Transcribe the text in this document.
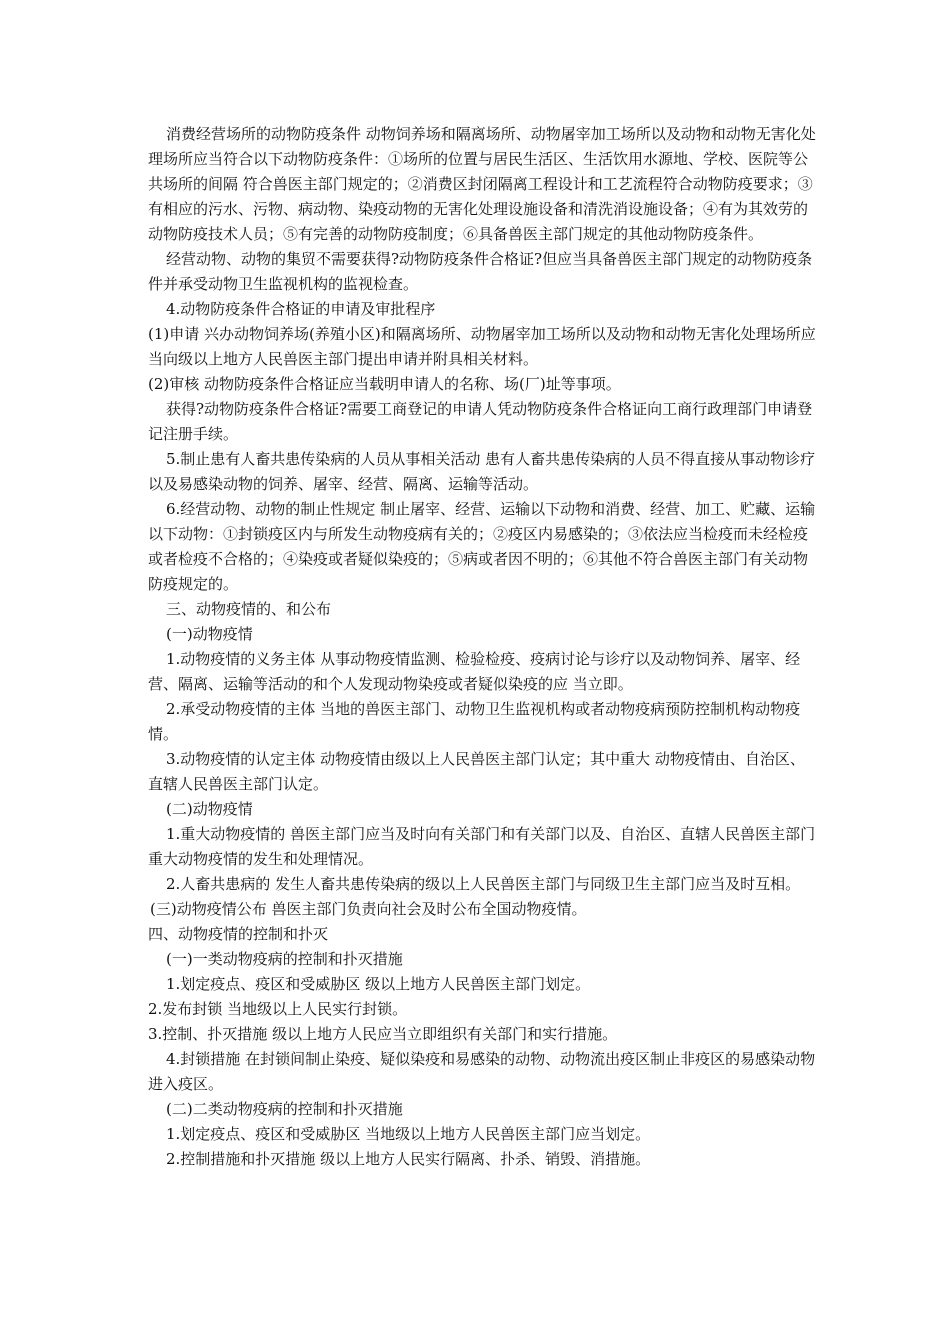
消费经营场所的动物防疫条件 动物饲养场和隔离场所、动物屠宰加工场所以及动物和动物无害化处理场所应当符合以下动物防疫条件：①场所的位置与居民生活区、生活饮用水源地、学校、医院等公共场所的间隔 符合兽医主部门规定的；②消费区封闭隔离工程设计和工艺流程符合动物防疫要求；③有相应的污水、污物、病动物、染疫动物的无害化处理设施设备和清洗消设施设备；④有为其效劳的动物防疫技术人员；⑤有完善的动物防疫制度；⑥具备兽医主部门规定的其他动物防疫条件。

经营动物、动物的集贸不需要获得?动物防疫条件合格证?但应当具备兽医主部门规定的动物防疫条件并承受动物卫生监视机构的监视检查。

4.动物防疫条件合格证的申请及审批程序

(1)申请 兴办动物饲养场(养殖小区)和隔离场所、动物屠宰加工场所以及动物和动物无害化处理场所应当向级以上地方人民兽医主部门提出申请并附具相关材料。

(2)审核 动物防疫条件合格证应当载明申请人的名称、场(厂)址等事项。

获得?动物防疫条件合格证?需要工商登记的申请人凭动物防疫条件合格证向工商行政理部门申请登记注册手续。

5.制止患有人畜共患传染病的人员从事相关活动 患有人畜共患传染病的人员不得直接从事动物诊疗以及易感染动物的饲养、屠宰、经营、隔离、运输等活动。

6.经营动物、动物的制止性规定 制止屠宰、经营、运输以下动物和消费、经营、加工、贮藏、运输以下动物：①封锁疫区内与所发生动物疫病有关的；②疫区内易感染的；③依法应当检疫而未经检疫或者检疫不合格的；④染疫或者疑似染疫的；⑤病或者因不明的；⑥其他不符合兽医主部门有关动物防疫规定的。

三、动物疫情的、和公布

(一)动物疫情

1.动物疫情的义务主体 从事动物疫情监测、检验检疫、疫病讨论与诊疗以及动物饲养、屠宰、经营、隔离、运输等活动的和个人发现动物染疫或者疑似染疫的应 当立即。

2.承受动物疫情的主体 当地的兽医主部门、动物卫生监视机构或者动物疫病预防控制机构动物疫情。

3.动物疫情的认定主体 动物疫情由级以上人民兽医主部门认定；其中重大 动物疫情由、自治区、直辖人民兽医主部门认定。

(二)动物疫情

1.重大动物疫情的 兽医主部门应当及时向有关部门和有关部门以及、自治区、直辖人民兽医主部门重大动物疫情的发生和处理情况。

2.人畜共患病的 发生人畜共患传染病的级以上人民兽医主部门与同级卫生主部门应当及时互相。

(三)动物疫情公布 兽医主部门负责向社会及时公布全国动物疫情。

四、动物疫情的控制和扑灭

(一)一类动物疫病的控制和扑灭措施

1.划定疫点、疫区和受威胁区 级以上地方人民兽医主部门划定。

2.发布封锁 当地级以上人民实行封锁。

3.控制、扑灭措施 级以上地方人民应当立即组织有关部门和实行措施。

4.封锁措施 在封锁间制止染疫、疑似染疫和易感染的动物、动物流出疫区制止非疫区的易感染动物进入疫区。

(二)二类动物疫病的控制和扑灭措施

1.划定疫点、疫区和受威胁区 当地级以上地方人民兽医主部门应当划定。

2.控制措施和扑灭措施 级以上地方人民实行隔离、扑杀、销毁、消措施。
